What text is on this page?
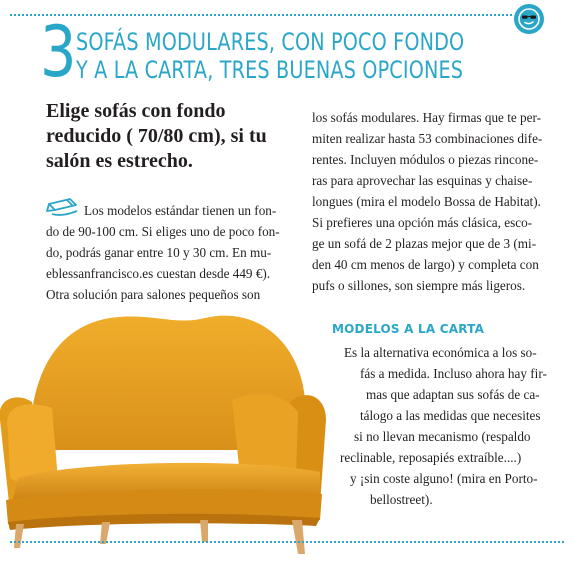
3 SOFÁS MODULARES, CON POCO FONDO
Y A LA CARTA, TRES BUENAS OPCIONES
Elige sofás con fondo
reducido ( 70/80 cm), si tu
salón es estrecho.
Los modelos estándar tienen un fon-
do de 90-100 cm. Si eliges uno de poco fon-
do, podrás ganar entre 10 y 30 cm. En mu-
eblessanfrancisco.es cuestan desde 449 €).
Otra solución para salones pequeños son
los sofás modulares. Hay firmas que te per-
miten realizar hasta 53 combinaciones dife-
rentes. Incluyen módulos o piezas rincone-
ras para aprovechar las esquinas y chaise-
longues (mira el modelo Bossa de Habitat).
Si prefieres una opción más clásica, esco-
ge un sofá de 2 plazas mejor que de 3 (mi-
den 40 cm menos de largo) y completa con
pufs o sillones, son siempre más ligeros.
MODELOS A LA CARTA
Es la alternativa económica a los so-
fás a medida. Incluso ahora hay fir-
mas que adaptan sus sofás de ca-
tálogo a las medidas que necesites
si no llevan mecanismo (respaldo
reclinable, reposapiés extraíble....)
y ¡sin coste alguno! (mira en Porto-
bellostreet).
